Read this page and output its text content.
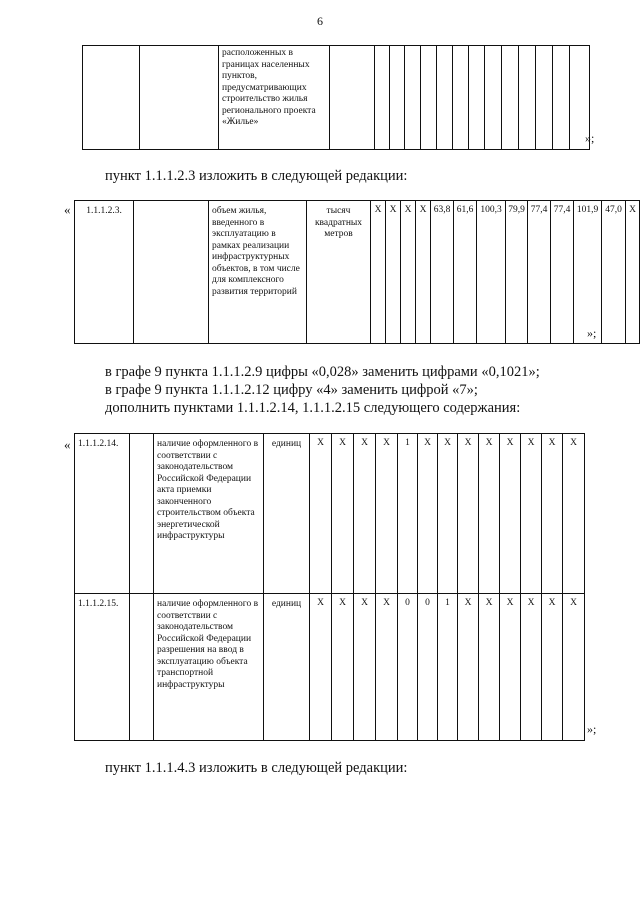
6
		расположенных в границах населенных пунктов, предусматривающих строительство жилья регионального проекта «Жилье»														
»;
пункт 1.1.1.2.3 изложить в следующей редакции:
« 1.1.1.2.3.		объем жилья, введенного в эксплуатацию в рамках реализации инфраструктурных объектов, в том числе для комплексного развития территорий	тысяч квадратных метров	Х	Х	Х	Х	63,8	61,6	100,3	79,9	77,4	77,4	101,9	47,0	Х
»;
в графе 9 пункта 1.1.1.2.9 цифры «0,028» заменить цифрами «0,1021»;
в графе 9 пункта 1.1.1.2.12 цифру «4» заменить цифрой «7»;
дополнить пунктами 1.1.1.2.14, 1.1.1.2.15 следующего содержания:
« 1.1.1.2.14.		наличие оформленного в соответствии с законодательством Российской Федерации акта приемки законченного строительством объекта энергетической инфраструктуры	единиц	Х	Х	Х	Х	1	Х	Х	Х	Х	Х	Х	Х	Х
1.1.1.2.15.		наличие оформленного в соответствии с законодательством Российской Федерации разрешения на ввод в эксплуатацию объекта транспортной инфраструктуры	единиц	Х	Х	Х	Х	0	0	1	Х	Х	Х	Х	Х	Х
»;
пункт 1.1.1.4.3 изложить в следующей редакции:
